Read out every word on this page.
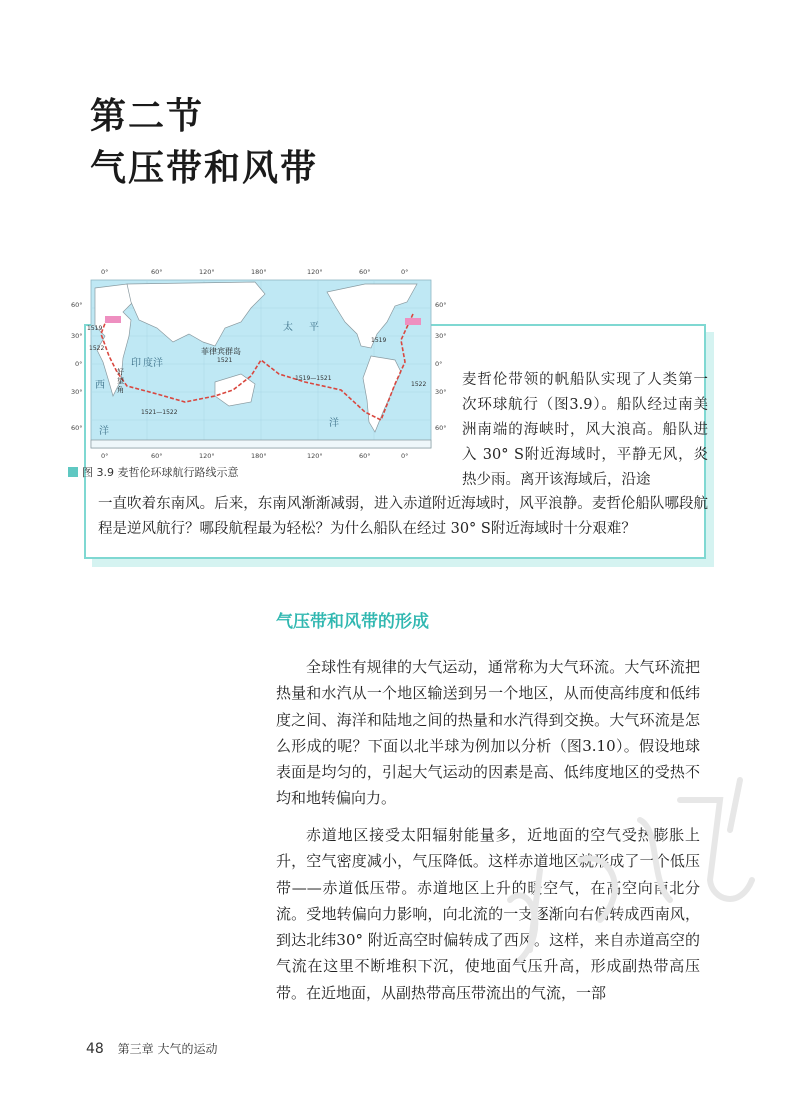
第二节
气压带和风带
0°	60°	120°	180°	120°	60°	0°
60°
30°
0°
30°
60°
60°
30°
0°
30°
60°
0°	60°	120°	180°	120°	60°	0°
菲律宾群岛
太 平
洋
印 度洋
西
洋
好
望
角
1519
1522
1521
1519—1521
1521—1522
1519
1522
图 3.9 麦哲伦环球航行路线示意

麦哲伦带领的帆船队实现了人类第一次环球航行（图3.9）。船队经过南美洲南端的海峡时，风大浪高。船队进入 30° S附近海域时，平静无风，炎热少雨。离开该海域后，沿途

一直吹着东南风。后来，东南风渐渐减弱，进入赤道附近海域时，风平浪静。麦哲伦船队哪段航程是逆风航行？哪段航程最为轻松？为什么船队在经过 30° S附近海域时十分艰难？

气压带和风带的形成

全球性有规律的大气运动，通常称为大气环流。大气环流把热量和水汽从一个地区输送到另一个地区，从而使高纬度和低纬度之间、海洋和陆地之间的热量和水汽得到交换。大气环流是怎么形成的呢？下面以北半球为例加以分析（图3.10）。假设地球表面是均匀的，引起大气运动的因素是高、低纬度地区的受热不均和地转偏向力。

赤道地区接受太阳辐射能量多，近地面的空气受热膨胀上升，空气密度减小，气压降低。这样赤道地区就形成了一个低压带——赤道低压带。赤道地区上升的暖空气，在高空向南北分流。受地转偏向力影响，向北流的一支逐渐向右偏转成西南风，到达北纬30° 附近高空时偏转成了西风。这样，来自赤道高空的气流在这里不断堆积下沉，使地面气压升高，形成副热带高压带。在近地面，从副热带高压带流出的气流，一部

48 第三章 大气的运动
